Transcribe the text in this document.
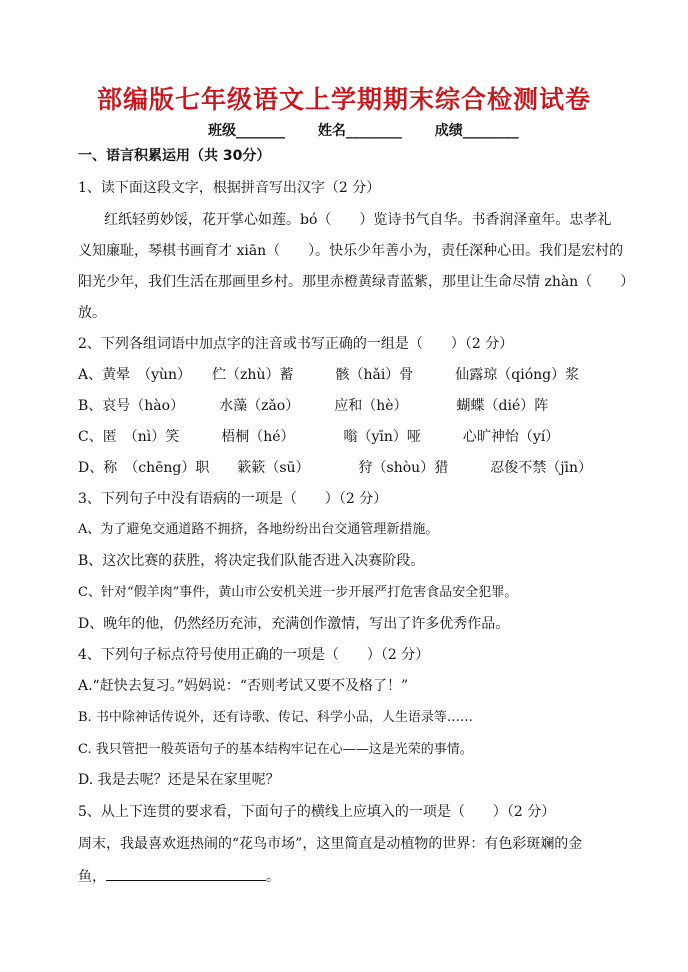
部编版七年级语文上学期期末综合检测试卷
班级_______ 姓名________ 成绩________
一、语言积累运用（共 30分）
1、读下面这段文字，根据拼音写出汉字（2 分）
红纸轻剪妙馁，花开掌心如莲。bó（　　）览诗书气自华。书香润泽童年。忠孝礼
义知廉耻，琴棋书画育才 xiān（　　）。快乐少年善小为，责任深种心田。我们是宏村的
阳光少年，我们生活在那画里乡村。那里赤橙黄绿青蓝紫，那里让生命尽情 zhàn（　　）
放。
2、下列各组词语中加点字的注音或书写正确的一组是（　　）（2 分）
A、黄晕　（yùn）　　伫（zhù）蓄　　　骸（hǎi）骨　　　仙露琼（qióng）浆
B、哀号（hào）　　　水藻（zǎo）　　　应和（hè）　　　　蝴蝶（dié）阵
C、匿　（nì）笑　　　梧桐（hé）　　　　嗡（yīn）哑　　　心旷神怡（yí）
D、称　（chēng）职　　簌簌（sū）　　　　狩（shòu）猎　　　忍俊不禁（jīn）
3、下列句子中没有语病的一项是（　　）（2 分）
A、为了避免交通道路不拥挤，各地纷纷出台交通管理新措施。
B、这次比赛的获胜，将决定我们队能否进入决赛阶段。
C、针对“假羊肉”事件，黄山市公安机关进一步开展严打危害食品安全犯罪。
D、晚年的他，仍然经历充沛，充满创作激情，写出了许多优秀作品。
4、下列句子标点符号使用正确的一项是（　　）（2 分）
A.“赶快去复习。”妈妈说：“否则考试又要不及格了！”
B. 书中除神话传说外，还有诗歌、传记、科学小品，人生语录等……
C. 我只管把一般英语句子的基本结构牢记在心——这是光荣的事情。
D. 我是去呢？还是呆在家里呢？
5、从上下连贯的要求看，下面句子的横线上应填入的一项是（　　）（2 分）
周末，我最喜欢逛热闹的“花鸟市场”，这里简直是动植物的世界：有色彩斑斓的金
鱼，	。
